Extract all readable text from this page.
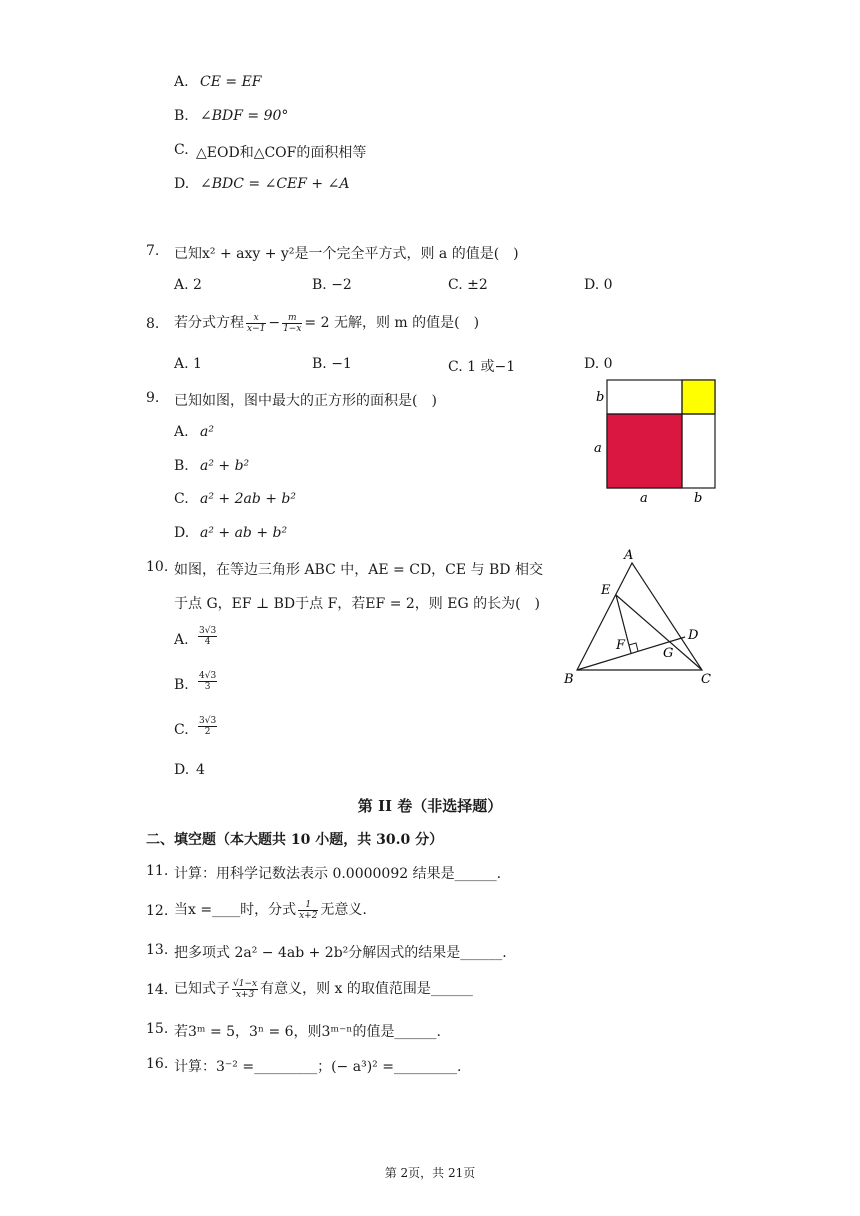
A. CE = EF
B. ∠BDF = 90°
C. △EOD和△COF的面积相等
D. ∠BDC = ∠CEF + ∠A
7. 已知x² + axy + y²是一个完全平方式，则 a 的值是(　)
A. 2	B. −2	C. ±2	D. 0
8. 若分式方程 $\frac{x}{x-1} - \frac{m}{1-x} = 2$ 无解，则 m 的值是(　)
A. 1	B. −1	C. 1 或−1	D. 0
9. 已知如图，图中最大的正方形的面积是(　)
A. a²
B. a² + b²
C. a² + 2ab + b²
D. a² + ab + b²
b
a
a	b
10. 如图，在等边三角形 ABC 中，AE = CD，CE 与 BD 相交
于点 G，EF ⊥ BD于点 F，若EF = 2，则 EG 的长为(　)
A. $\frac{3√3}{4}$
B. $\frac{4√3}{3}$
C. $\frac{3√3}{2}$
D. 4
A
E
D
F
G
B	C
第 II 卷（非选择题）
二、填空题（本大题共 10 小题，共 30.0 分）
11. 计算：用科学记数法表示 0.0000092 结果是______.
12. 当x =____时，分式 $\frac{1}{x+2}$ 无意义.
13. 把多项式 2a² − 4ab + 2b²分解因式的结果是______.
14. 已知式子 $\frac{√1-x}{x+3}$ 有意义，则 x 的取值范围是______
15. 若3ᵐ = 5，3ⁿ = 6，则3ᵐ⁻ⁿ的值是______.
16. 计算：3⁻² =_________；(− a³)² =_________.
第 2页，共 21页
